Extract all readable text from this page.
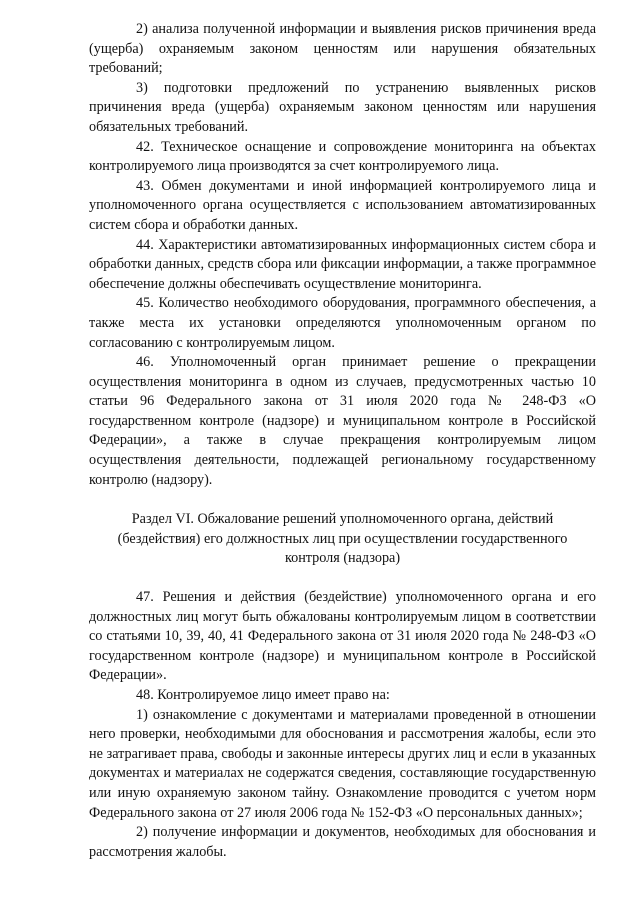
2) анализа полученной информации и выявления рисков причинения вреда (ущерба) охраняемым законом ценностям или нарушения обязательных требований;

3) подготовки предложений по устранению выявленных рисков причинения вреда (ущерба) охраняемым законом ценностям или нарушения обязательных требований.

42. Техническое оснащение и сопровождение мониторинга на объектах контролируемого лица производятся за счет контролируемого лица.

43. Обмен документами и иной информацией контролируемого лица и уполномоченного органа осуществляется с использованием автоматизированных систем сбора и обработки данных.

44. Характеристики автоматизированных информационных систем сбора и обработки данных, средств сбора или фиксации информации, а также программное обеспечение должны обеспечивать осуществление мониторинга.

45. Количество необходимого оборудования, программного обеспечения, а также места их установки определяются уполномоченным органом по согласованию с контролируемым лицом.

46. Уполномоченный орган принимает решение о прекращении осуществления мониторинга в одном из случаев, предусмотренных частью 10 статьи 96 Федерального закона от 31 июля 2020 года № 248-ФЗ «О государственном контроле (надзоре) и муниципальном контроле в Российской Федерации», а также в случае прекращения контролируемым лицом осуществления деятельности, подлежащей региональному государственному контролю (надзору).

Раздел VI. Обжалование решений уполномоченного органа, действий (бездействия) его должностных лиц при осуществлении государственного контроля (надзора)

47. Решения и действия (бездействие) уполномоченного органа и его должностных лиц могут быть обжалованы контролируемым лицом в соответствии со статьями 10, 39, 40, 41 Федерального закона от 31 июля 2020 года № 248-ФЗ «О государственном контроле (надзоре) и муниципальном контроле в Российской Федерации».

48. Контролируемое лицо имеет право на:

1) ознакомление с документами и материалами проведенной в отношении него проверки, необходимыми для обоснования и рассмотрения жалобы, если это не затрагивает права, свободы и законные интересы других лиц и если в указанных документах и материалах не содержатся сведения, составляющие государственную или иную охраняемую законом тайну. Ознакомление проводится с учетом норм Федерального закона от 27 июля 2006 года № 152-ФЗ «О персональных данных»;

2) получение информации и документов, необходимых для обоснования и рассмотрения жалобы.
